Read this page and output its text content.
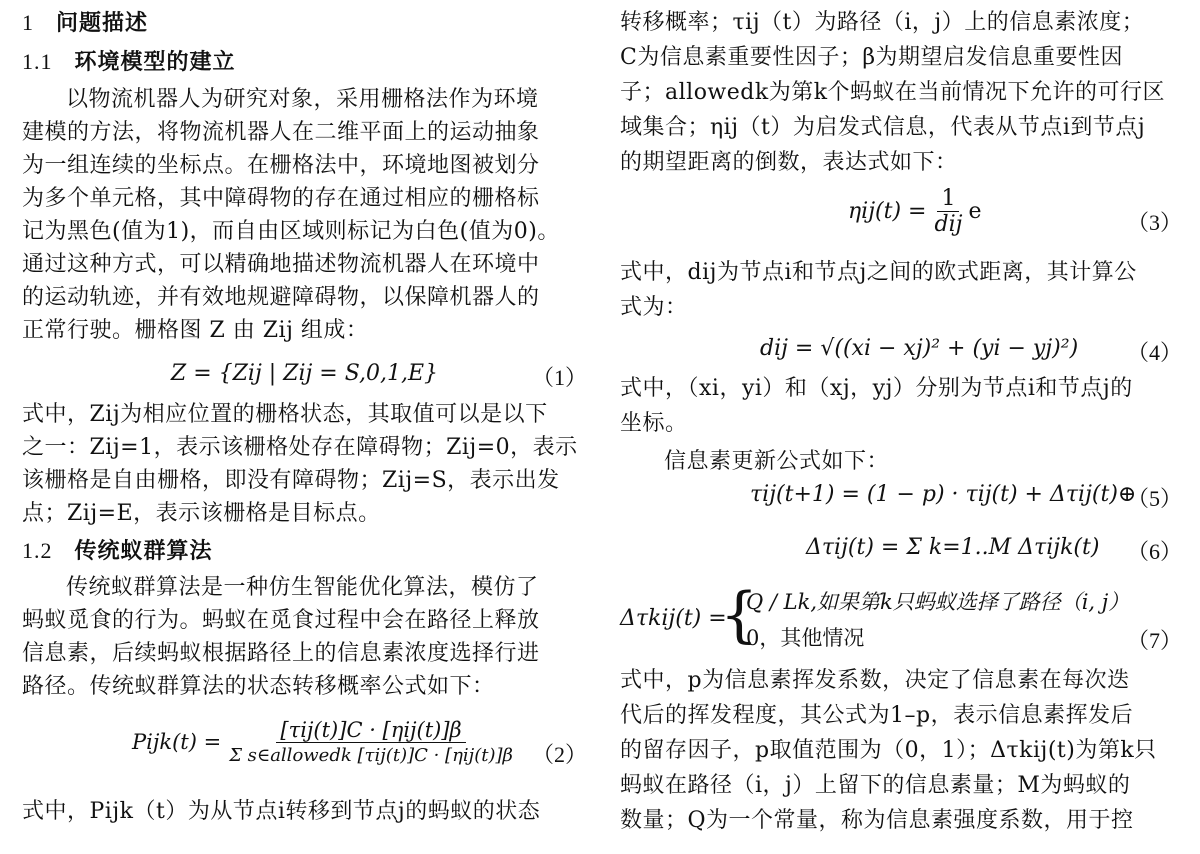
1 问题描述
1.1 环境模型的建立
以物流机器人为研究对象，采用栅格法作为环境
建模的方法，将物流机器人在二维平面上的运动抽象
为一组连续的坐标点。在栅格法中，环境地图被划分
为多个单元格，其中障碍物的存在通过相应的栅格标
记为黑色(值为1)，而自由区域则标记为白色(值为0)。
通过这种方式，可以精确地描述物流机器人在环境中
的运动轨迹，并有效地规避障碍物，以保障机器人的
正常行驶。栅格图 Z 由 Zij 组成：
Z = {Zij | Zij = S,0,1,E}	（1）
式中，Zij为相应位置的栅格状态，其取值可以是以下
之一：Zij=1，表示该栅格处存在障碍物；Zij=0，表示
该栅格是自由栅格，即没有障碍物；Zij=S，表示出发
点；Zij=E，表示该栅格是目标点。
1.2 传统蚁群算法
传统蚁群算法是一种仿生智能优化算法，模仿了
蚂蚁觅食的行为。蚂蚁在觅食过程中会在路径上释放
信息素，后续蚂蚁根据路径上的信息素浓度选择行进
路径。传统蚁群算法的状态转移概率公式如下：
Pijk(t) = $\frac{\text{[τij(t)]C · [ηij(t)]β}}{\text{Σ s∈allowedk [τij(t)]C · [ηij(t)]β}} (2)$
式中，Pijk（t）为从节点i转移到节点j的蚂蚁的状态
转移概率；τij（t）为路径（i，j）上的信息素浓度；
C为信息素重要性因子；β为期望启发信息重要性因
子；allowedk为第k个蚂蚁在当前情况下允许的可行区
域集合；ηij（t）为启发式信息，代表从节点i到节点j
的期望距离的倒数，表达式如下：
$\eta ij(t) = \frac{1}{\text{dij}}$ e	（3）
式中，dij为节点i和节点j之间的欧式距离，其计算公
式为：
dij = √((xi − xj)² + (yi − yj)²) （4）
式中，（xi，yi）和（xj，yj）分别为节点i和节点j的
坐标。
信息素更新公式如下：
τij(t+1) = (1 − p) · τij(t) + Δτij(t)⊕
（5）
Δτij(t) = Σ k=1..M Δτijk(t) （6）
Δτkij(t) =
{
Q / Lk,如果第k只蚂蚁选择了路径（i, j）
0，其他情况	（7）
式中，p为信息素挥发系数，决定了信息素在每次迭
代后的挥发程度，其公式为1–p，表示信息素挥发后
的留存因子，p取值范围为（0，1）；Δτkij(t)为第k只
蚂蚁在路径（i，j）上留下的信息素量；M为蚂蚁的
数量；Q为一个常量，称为信息素强度系数，用于控
